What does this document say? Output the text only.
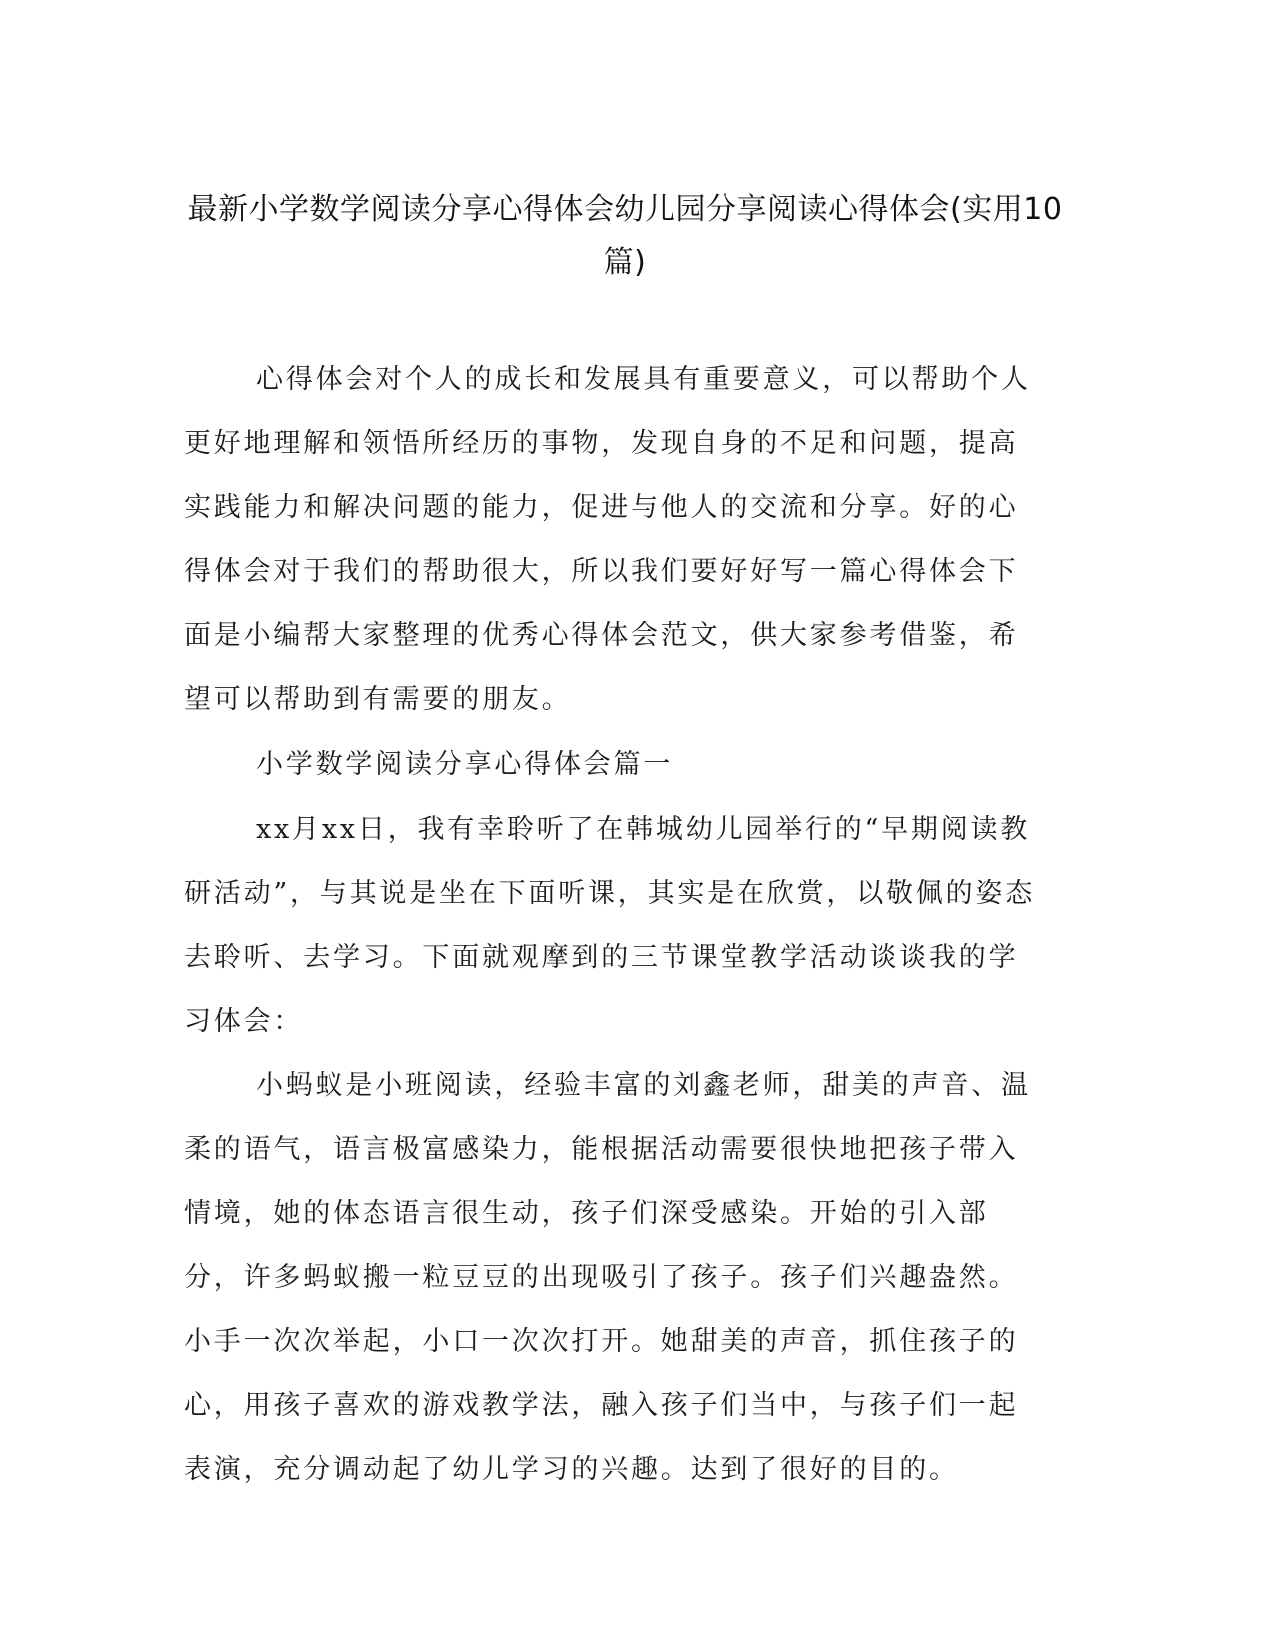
最新小学数学阅读分享心得体会幼儿园分享阅读心得体会(实用10篇)

心得体会对个人的成长和发展具有重要意义，可以帮助个人更好地理解和领悟所经历的事物，发现自身的不足和问题，提高实践能力和解决问题的能力，促进与他人的交流和分享。好的心得体会对于我们的帮助很大，所以我们要好好写一篇心得体会下面是小编帮大家整理的优秀心得体会范文，供大家参考借鉴，希望可以帮助到有需要的朋友。

小学数学阅读分享心得体会篇一

xx月xx日，我有幸聆听了在韩城幼儿园举行的“早期阅读教研活动”，与其说是坐在下面听课，其实是在欣赏，以敬佩的姿态去聆听、去学习。下面就观摩到的三节课堂教学活动谈谈我的学习体会：

小蚂蚁是小班阅读，经验丰富的刘鑫老师，甜美的声音、温柔的语气，语言极富感染力，能根据活动需要很快地把孩子带入情境，她的体态语言很生动，孩子们深受感染。开始的引入部分，许多蚂蚁搬一粒豆豆的出现吸引了孩子。孩子们兴趣盎然。小手一次次举起，小口一次次打开。她甜美的声音，抓住孩子的心，用孩子喜欢的游戏教学法，融入孩子们当中，与孩子们一起表演，充分调动起了幼儿学习的兴趣。达到了很好的目的。
